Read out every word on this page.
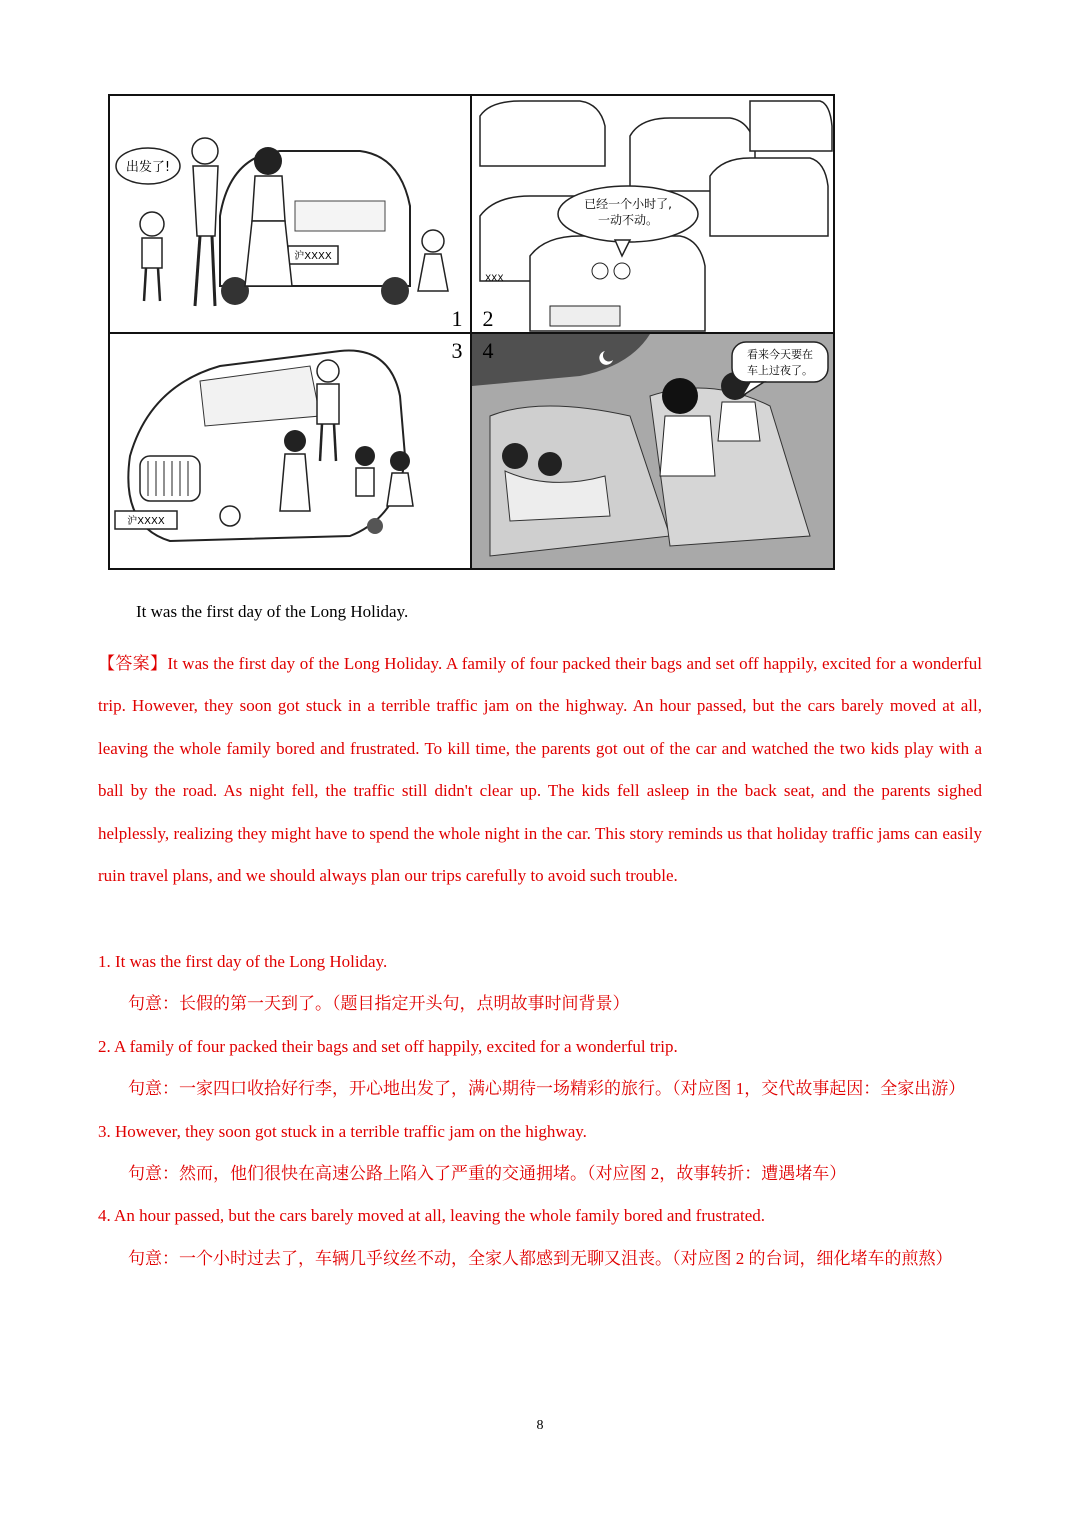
沪XXXX
出发了!
1
XXX
已经一个小时了,
一动不动。
2
沪XXXX
3	看来今天要在
车上过夜了。
4
It was the first day of the Long Holiday.

【答案】It was the first day of the Long Holiday. A family of four packed their bags and set off happily, excited for a wonderful trip. However, they soon got stuck in a terrible traffic jam on the highway. An hour passed, but the cars barely moved at all, leaving the whole family bored and frustrated. To kill time, the parents got out of the car and watched the two kids play with a ball by the road. As night fell, the traffic still didn't clear up. The kids fell asleep in the back seat, and the parents sighed helplessly, realizing they might have to spend the whole night in the car. This story reminds us that holiday traffic jams can easily ruin travel plans, and we should always plan our trips carefully to avoid such trouble.

1. It was the first day of the Long Holiday.

句意：长假的第一天到了。（题目指定开头句，点明故事时间背景）

2. A family of four packed their bags and set off happily, excited for a wonderful trip.

句意：一家四口收拾好行李，开心地出发了，满心期待一场精彩的旅行。（对应图 1，交代故事起因：全家出游）

3. However, they soon got stuck in a terrible traffic jam on the highway.

句意：然而，他们很快在高速公路上陷入了严重的交通拥堵。（对应图 2，故事转折：遭遇堵车）

4. An hour passed, but the cars barely moved at all, leaving the whole family bored and frustrated.

句意：一个小时过去了，车辆几乎纹丝不动，全家人都感到无聊又沮丧。（对应图 2 的台词，细化堵车的煎熬）

8
